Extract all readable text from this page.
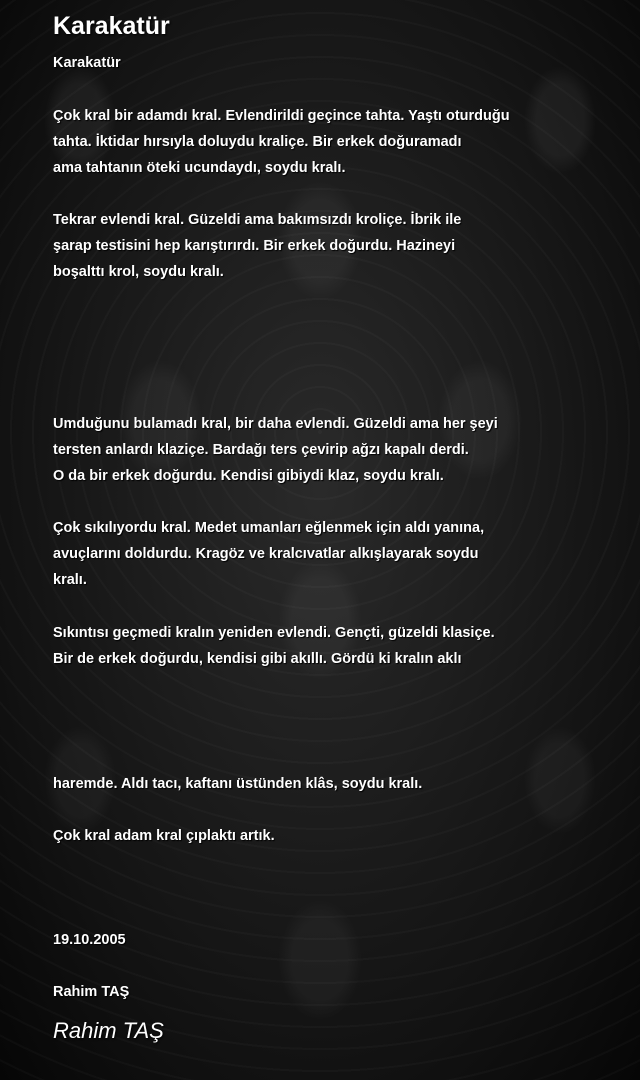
Karakatür
Karakatür
Çok kral bir adamdı kral. Evlendirildi geçince tahta. Yaştı oturduğu
tahta. İktidar hırsıyla doluydu kraliçe. Bir erkek doğuramadı
ama tahtanın öteki ucundaydı, soydu kralı.
Tekrar evlendi kral. Güzeldi ama bakımsızdı kroliçe. İbrik ile
şarap testisini hep karıştırırdı. Bir erkek doğurdu. Hazineyi
boşalttı krol, soydu kralı.
Umduğunu bulamadı kral, bir daha evlendi. Güzeldi ama her şeyi
tersten anlardı klaziçe. Bardağı ters çevirip ağzı kapalı derdi.
O da bir erkek doğurdu. Kendisi gibiydi klaz, soydu kralı.
Çok sıkılıyordu kral. Medet umanları eğlenmek için aldı yanına,
avuçlarını doldurdu. Kragöz ve kralcıvatlar alkışlayarak soydu
kralı.
Sıkıntısı geçmedi kralın yeniden evlendi. Gençti, güzeldi klasiçe.
Bir de erkek doğurdu, kendisi gibi akıllı. Gördü ki kralın aklı
haremde. Aldı tacı, kaftanı üstünden klâs, soydu kralı.
Çok kral adam kral çıplaktı artık.
19.10.2005
Rahim TAŞ
Rahim TAŞ
